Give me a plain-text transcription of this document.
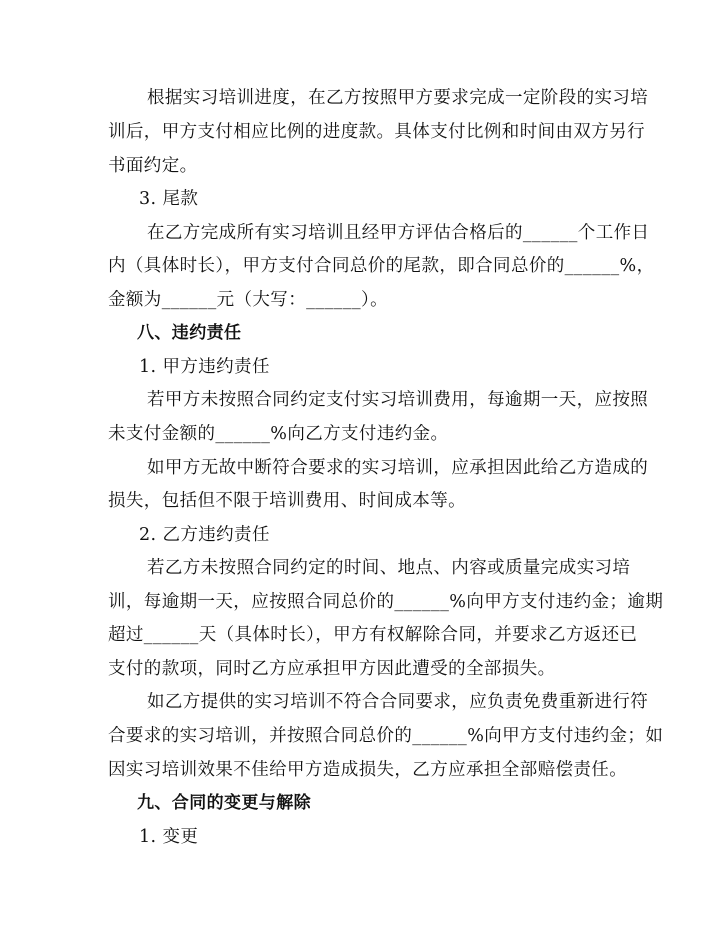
根据实习培训进度，在乙方按照甲方要求完成一定阶段的实习培
训后，甲方支付相应比例的进度款。具体支付比例和时间由双方另行
书面约定。
3. 尾款
在乙方完成所有实习培训且经甲方评估合格后的______个工作日
内（具体时长），甲方支付合同总价的尾款，即合同总价的______%，
金额为______元（大写：______）。
八、违约责任
1. 甲方违约责任
若甲方未按照合同约定支付实习培训费用，每逾期一天，应按照
未支付金额的______%向乙方支付违约金。
如甲方无故中断符合要求的实习培训，应承担因此给乙方造成的
损失，包括但不限于培训费用、时间成本等。
2. 乙方违约责任
若乙方未按照合同约定的时间、地点、内容或质量完成实习培
训，每逾期一天，应按照合同总价的______%向甲方支付违约金；逾期
超过______天（具体时长），甲方有权解除合同，并要求乙方返还已
支付的款项，同时乙方应承担甲方因此遭受的全部损失。
如乙方提供的实习培训不符合合同要求，应负责免费重新进行符
合要求的实习培训，并按照合同总价的______%向甲方支付违约金；如
因实习培训效果不佳给甲方造成损失，乙方应承担全部赔偿责任。
九、合同的变更与解除
1. 变更
